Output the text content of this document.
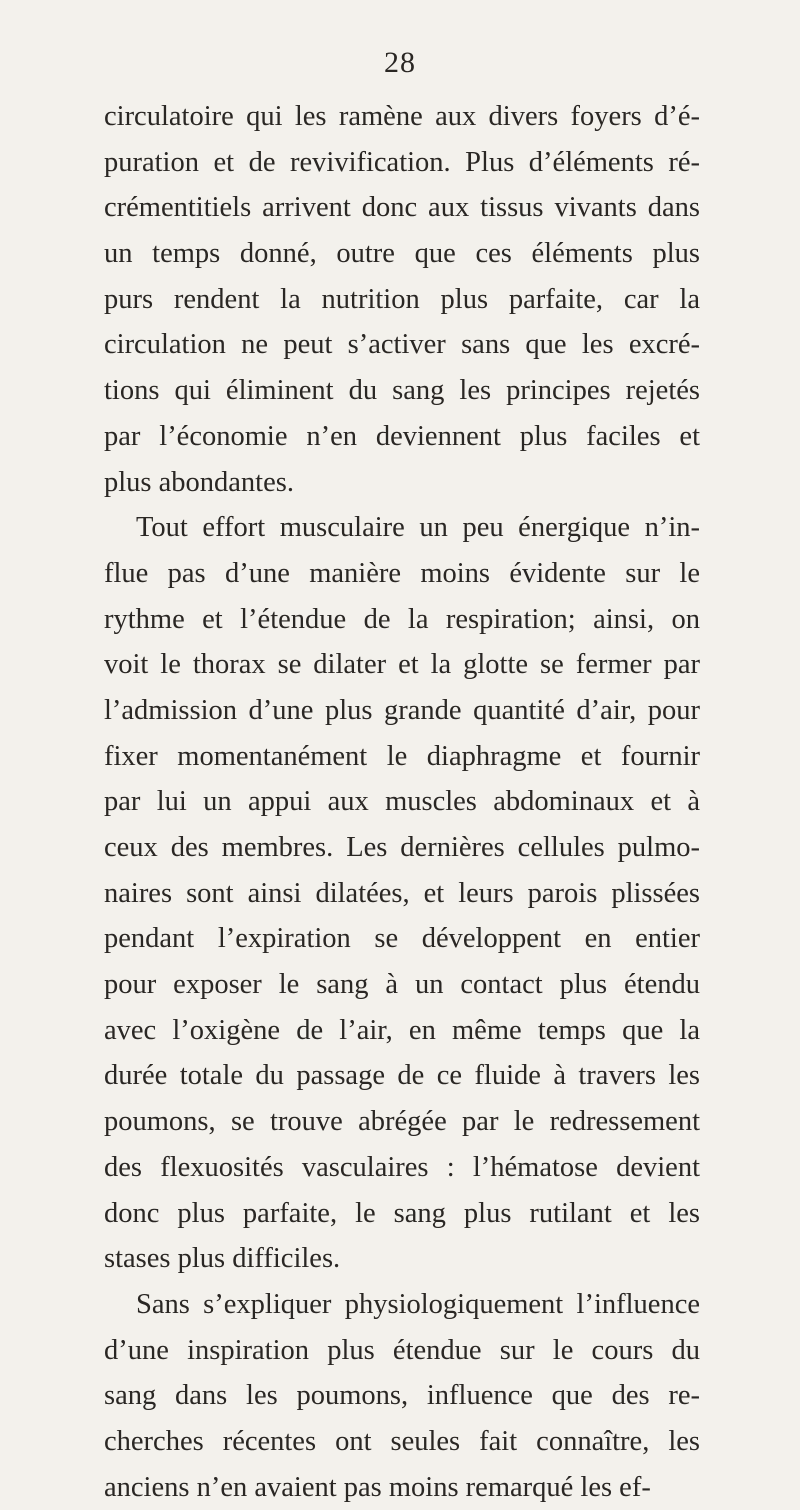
28
circulatoire qui les ramène aux divers foyers d’é-
puration et de revivification. Plus d’éléments ré-
crémentitiels arrivent donc aux tissus vivants dans
un temps donné, outre que ces éléments plus
purs rendent la nutrition plus parfaite, car la
circulation ne peut s’activer sans que les excré-
tions qui éliminent du sang les principes rejetés
par l’économie n’en deviennent plus faciles et
plus abondantes.
Tout effort musculaire un peu énergique n’in-
flue pas d’une manière moins évidente sur le
rythme et l’étendue de la respiration; ainsi, on
voit le thorax se dilater et la glotte se fermer par
l’admission d’une plus grande quantité d’air, pour
fixer momentanément le diaphragme et fournir
par lui un appui aux muscles abdominaux et à
ceux des membres. Les dernières cellules pulmo-
naires sont ainsi dilatées, et leurs parois plissées
pendant l’expiration se développent en entier
pour exposer le sang à un contact plus étendu
avec l’oxigène de l’air, en même temps que la
durée totale du passage de ce fluide à travers les
poumons, se trouve abrégée par le redressement
des flexuosités vasculaires : l’hématose devient
donc plus parfaite, le sang plus rutilant et les
stases plus difficiles.
Sans s’expliquer physiologiquement l’influence
d’une inspiration plus étendue sur le cours du
sang dans les poumons, influence que des re-
cherches récentes ont seules fait connaître, les
anciens n’en avaient pas moins remarqué les ef-
